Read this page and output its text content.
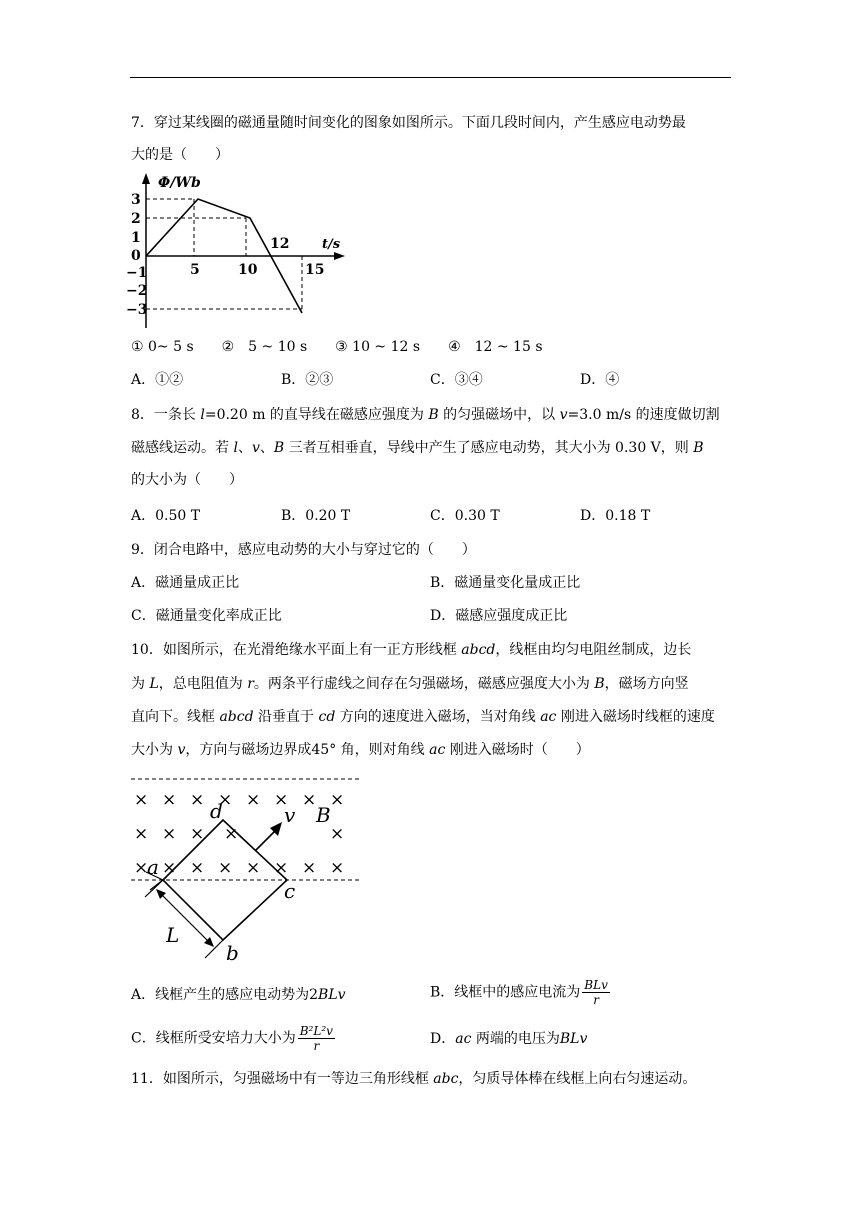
7．穿过某线圈的磁通量随时间变化的图象如图所示。下面几段时间内，产生感应电动势最
大的是（　　）
Φ/Wb
t/s
3
2
1
0
−1
−2
−3
5	10
12
15
① 0~ 5 s　　②　5 ~ 10 s　　③ 10 ~ 12 s　　④　12 ~ 15 s
A．①②	B．②③	C．③④	D．④
8．一条长 l=0.20 m 的直导线在磁感应强度为 B 的匀强磁场中，以 v=3.0 m/s 的速度做切割
磁感线运动。若 l、v、B 三者互相垂直，导线中产生了感应电动势，其大小为 0.30 V，则 B
的大小为（　　）
A．0.50 T	B．0.20 T	C．0.30 T	D．0.18 T
9．闭合电路中，感应电动势的大小与穿过它的（　　）
A．磁通量成正比	B．磁通量变化量成正比
C．磁通量变化率成正比	D．磁感应强度成正比
10．如图所示，在光滑绝缘水平面上有一正方形线框 abcd，线框由均匀电阻丝制成，边长
为 L，总电阻值为 r。两条平行虚线之间存在匀强磁场，磁感应强度大小为 B，磁场方向竖
直向下。线框 abcd 沿垂直于 cd 方向的速度进入磁场，当对角线 ac 刚进入磁场时线框的速度
大小为 v，方向与磁场边界成45° 角，则对角线 ac 刚进入磁场时（　　）
× × × × × × × ×
× × × ×	×
× × × × × × × ×
d	v B
a
c
L
b
A．线框产生的感应电动势为2BLv	B．线框中的感应电流为 $\frac{\text{BLv}}{r}$
C．线框所受安培力大小为 $\frac{\text{B²L²v}}{r}$	D．ac 两端的电压为BLv
11．如图所示，匀强磁场中有一等边三角形线框 abc，匀质导体棒在线框上向右匀速运动。
